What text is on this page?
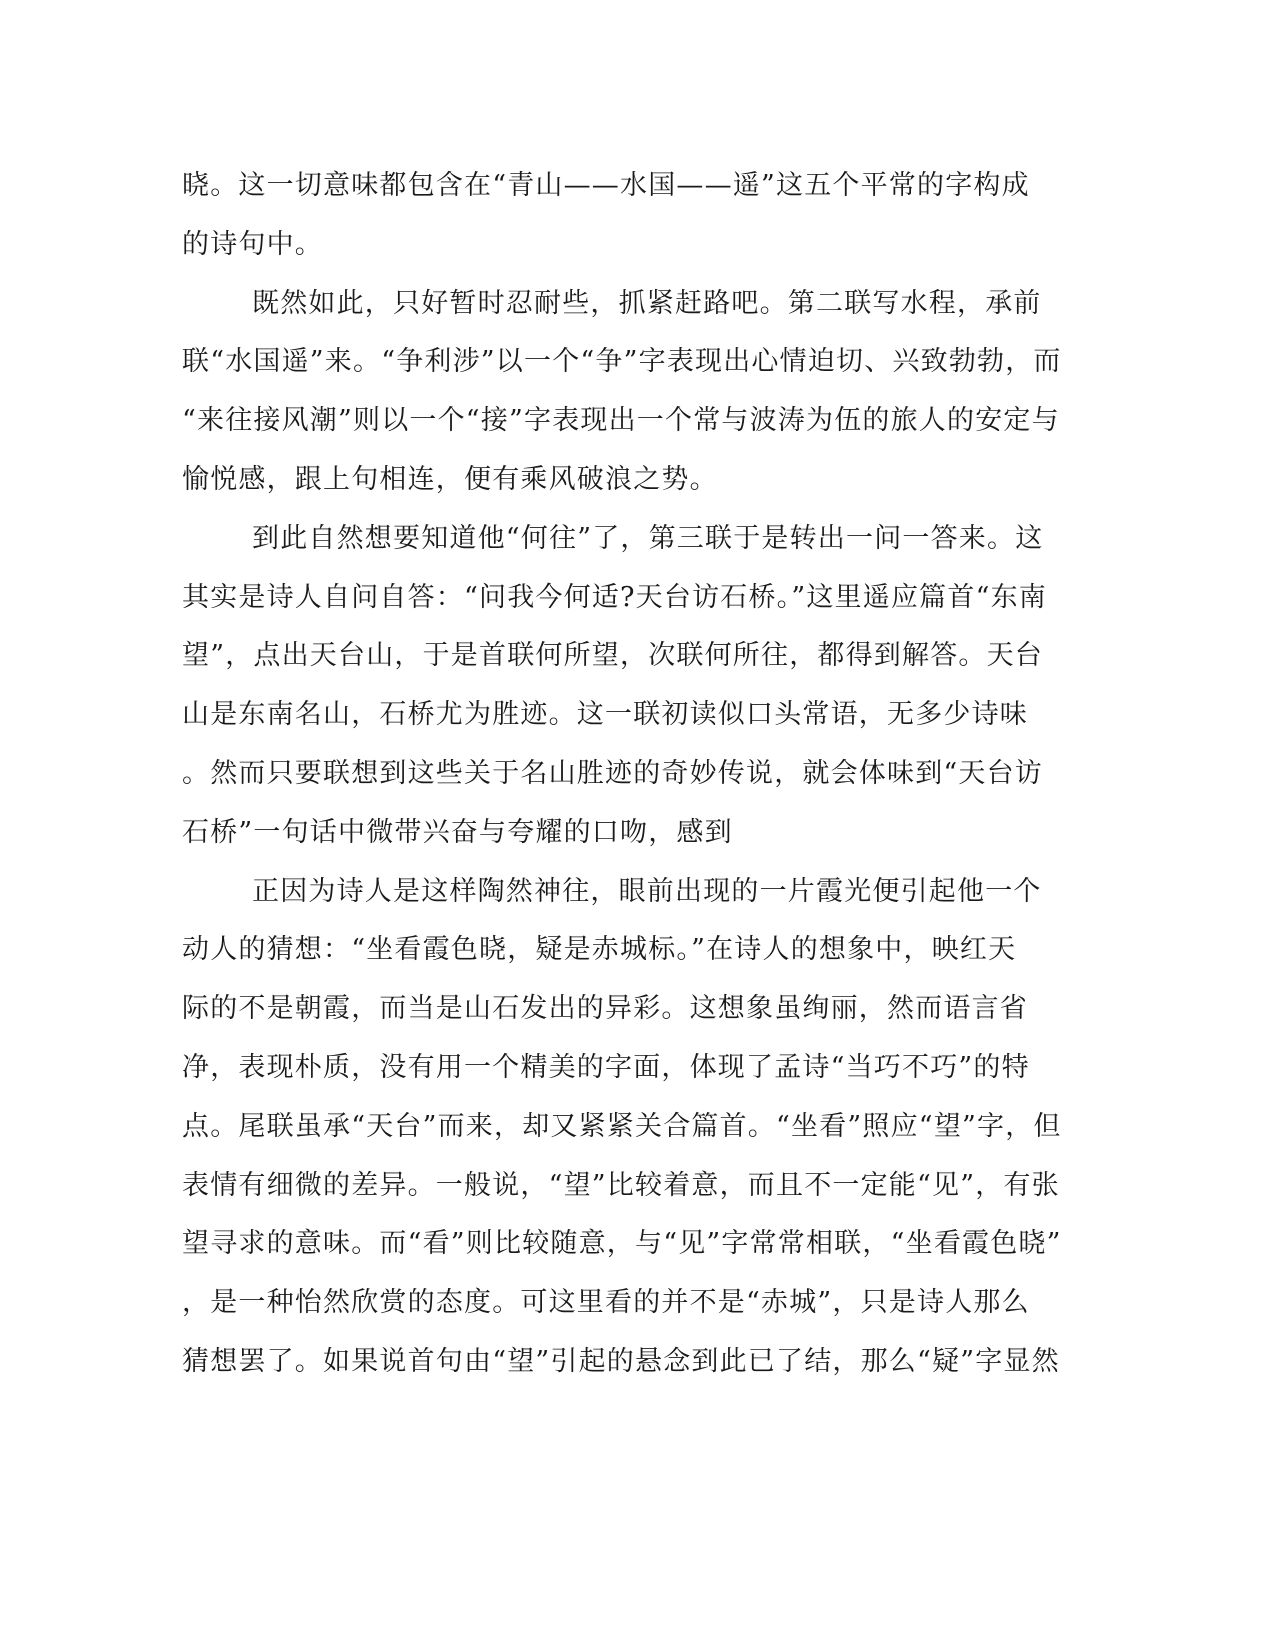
晓。这一切意味都包含在“青山——水国——遥”这五个平常的字构成
的诗句中。
既然如此，只好暂时忍耐些，抓紧赶路吧。第二联写水程，承前
联“水国遥”来。“争利涉”以一个“争”字表现出心情迫切、兴致勃勃，而
“来往接风潮”则以一个“接”字表现出一个常与波涛为伍的旅人的安定与
愉悦感，跟上句相连，便有乘风破浪之势。
到此自然想要知道他“何往”了，第三联于是转出一问一答来。这
其实是诗人自问自答：“问我今何适?天台访石桥。”这里遥应篇首“东南
望”，点出天台山，于是首联何所望，次联何所往，都得到解答。天台
山是东南名山，石桥尤为胜迹。这一联初读似口头常语，无多少诗味
。然而只要联想到这些关于名山胜迹的奇妙传说，就会体味到“天台访
石桥”一句话中微带兴奋与夸耀的口吻，感到
正因为诗人是这样陶然神往，眼前出现的一片霞光便引起他一个
动人的猜想：“坐看霞色晓，疑是赤城标。”在诗人的想象中，映红天
际的不是朝霞，而当是山石发出的异彩。这想象虽绚丽，然而语言省
净，表现朴质，没有用一个精美的字面，体现了孟诗“当巧不巧”的特
点。尾联虽承“天台”而来，却又紧紧关合篇首。“坐看”照应“望”字，但
表情有细微的差异。一般说，“望”比较着意，而且不一定能“见”，有张
望寻求的意味。而“看”则比较随意，与“见”字常常相联，“坐看霞色晓”
，是一种怡然欣赏的态度。可这里看的并不是“赤城”，只是诗人那么
猜想罢了。如果说首句由“望”引起的悬念到此已了结，那么“疑”字显然
